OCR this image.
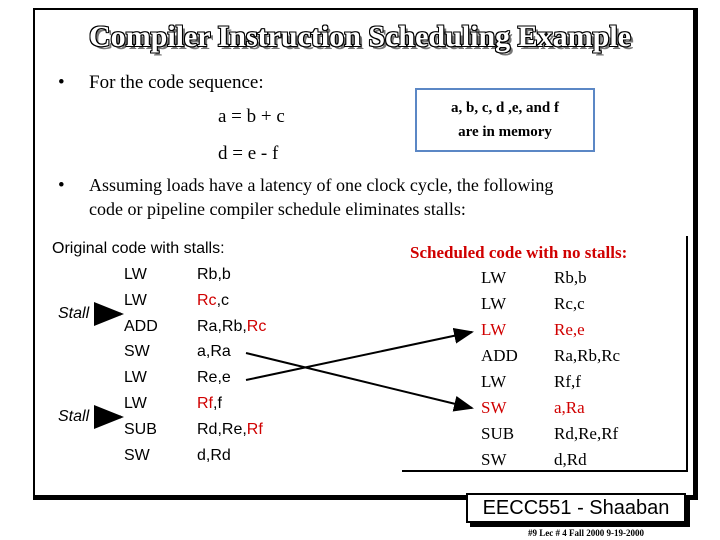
Compiler Instruction Scheduling Example
• For the code sequence:
a = b + c
d = e - f
a, b, c, d ,e, and f
are in memory
• Assuming loads have a latency of one clock cycle, the following
code or pipeline compiler schedule eliminates stalls:
Original code with stalls:
LW	Rb,b
LW	Rc,c
ADD Ra,Rb,Rc
SW	a,Ra
LW	Re,e
LW	Rf,f
SUB	Rd,Re,Rf
SW	d,Rd
Stall
Stall
Scheduled code with no stalls:
LW	Rb,b
LW	Rc,c
LW	Re,e
ADD Ra,Rb,Rc
LW	Rf,f
SW	a,Ra
SUB Rd,Re,Rf
SW	d,Rd
EECC551 - Shaaban
#9 Lec # 4 Fall 2000 9-19-2000
